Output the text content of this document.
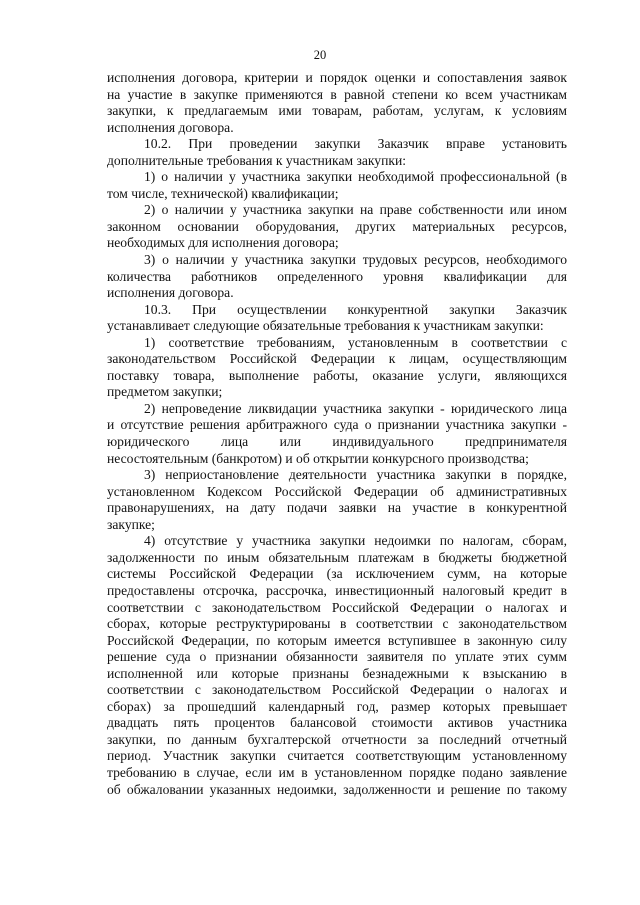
20
исполнения договора, критерии и порядок оценки и сопоставления заявок
на участие в закупке применяются в равной степени ко всем участникам
закупки, к предлагаемым ими товарам, работам, услугам, к условиям
исполнения договора.
10.2. При проведении закупки Заказчик вправе установить
дополнительные требования к участникам закупки:
1) о наличии у участника закупки необходимой профессиональной (в
том числе, технической) квалификации;
2) о наличии у участника закупки на праве собственности или ином
законном основании оборудования, других материальных ресурсов,
необходимых для исполнения договора;
3) о наличии у участника закупки трудовых ресурсов, необходимого
количества работников определенного уровня квалификации для
исполнения договора.
10.3. При осуществлении конкурентной закупки Заказчик
устанавливает следующие обязательные требования к участникам закупки:
1) соответствие требованиям, установленным в соответствии с
законодательством Российской Федерации к лицам, осуществляющим
поставку товара, выполнение работы, оказание услуги, являющихся
предметом закупки;
2) непроведение ликвидации участника закупки - юридического лица
и отсутствие решения арбитражного суда о признании участника закупки -
юридического лица или индивидуального предпринимателя
несостоятельным (банкротом) и об открытии конкурсного производства;
3) неприостановление деятельности участника закупки в порядке,
установленном Кодексом Российской Федерации об административных
правонарушениях, на дату подачи заявки на участие в конкурентной
закупке;
4) отсутствие у участника закупки недоимки по налогам, сборам,
задолженности по иным обязательным платежам в бюджеты бюджетной
системы Российской Федерации (за исключением сумм, на которые
предоставлены отсрочка, рассрочка, инвестиционный налоговый кредит в
соответствии с законодательством Российской Федерации о налогах и
сборах, которые реструктурированы в соответствии с законодательством
Российской Федерации, по которым имеется вступившее в законную силу
решение суда о признании обязанности заявителя по уплате этих сумм
исполненной или которые признаны безнадежными к взысканию в
соответствии с законодательством Российской Федерации о налогах и
сборах) за прошедший календарный год, размер которых превышает
двадцать пять процентов балансовой стоимости активов участника
закупки, по данным бухгалтерской отчетности за последний отчетный
период. Участник закупки считается соответствующим установленному
требованию в случае, если им в установленном порядке подано заявление
об обжаловании указанных недоимки, задолженности и решение по такому
